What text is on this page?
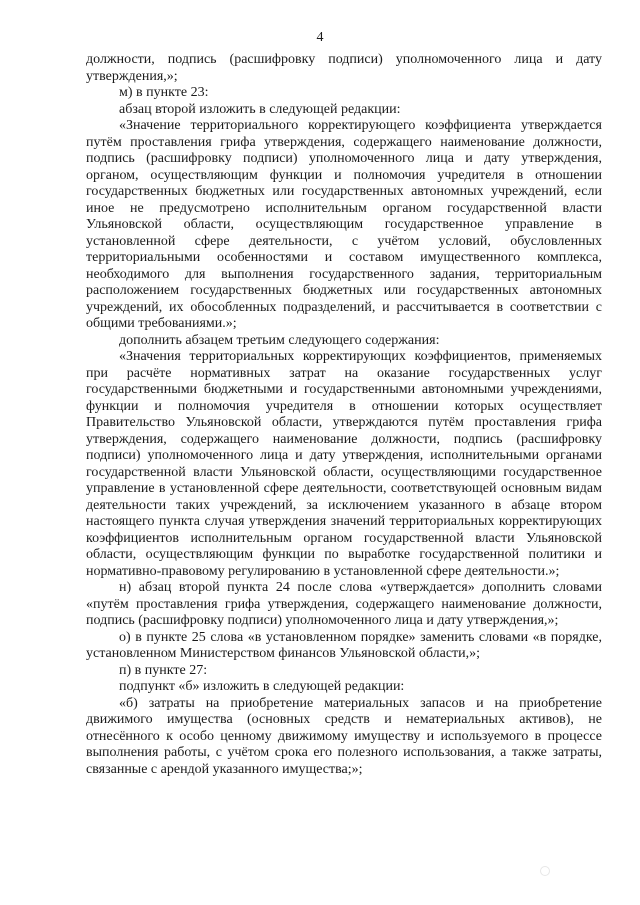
4

должности, подпись (расшифровку подписи) уполномоченного лица и дату утверждения,»;

м) в пункте 23:

абзац второй изложить в следующей редакции:

«Значение территориального корректирующего коэффициента утверждается путём проставления грифа утверждения, содержащего наименование должности, подпись (расшифровку подписи) уполномоченного лица и дату утверждения, органом, осуществляющим функции и полномочия учредителя в отношении государственных бюджетных или государственных автономных учреждений, если иное не предусмотрено исполнительным органом государственной власти Ульяновской области, осуществляющим государственное управление в установленной сфере деятельности, с учётом условий, обусловленных территориальными особенностями и составом имущественного комплекса, необходимого для выполнения государственного задания, территориальным расположением государственных бюджетных или государственных автономных учреждений, их обособленных подразделений, и рассчитывается в соответствии с общими требованиями.»;

дополнить абзацем третьим следующего содержания:

«Значения территориальных корректирующих коэффициентов, применяемых при расчёте нормативных затрат на оказание государственных услуг государственными бюджетными и государственными автономными учреждениями, функции и полномочия учредителя в отношении которых осуществляет Правительство Ульяновской области, утверждаются путём проставления грифа утверждения, содержащего наименование должности, подпись (расшифровку подписи) уполномоченного лица и дату утверждения, исполнительными органами государственной власти Ульяновской области, осуществляющими государственное управление в установленной сфере деятельности, соответствующей основным видам деятельности таких учреждений, за исключением указанного в абзаце втором настоящего пункта случая утверждения значений территориальных корректирующих коэффициентов исполнительным органом государственной власти Ульяновской области, осуществляющим функции по выработке государственной политики и нормативно-правовому регулированию в установленной сфере деятельности.»;

н) абзац второй пункта 24 после слова «утверждается» дополнить словами «путём проставления грифа утверждения, содержащего наименование должности, подпись (расшифровку подписи) уполномоченного лица и дату утверждения,»;

о) в пункте 25 слова «в установленном порядке» заменить словами «в порядке, установленном Министерством финансов Ульяновской области,»;

п) в пункте 27:

подпункт «б» изложить в следующей редакции:

«б) затраты на приобретение материальных запасов и на приобретение движимого имущества (основных средств и нематериальных активов), не отнесённого к особо ценному движимому имуществу и используемого в процессе выполнения работы, с учётом срока его полезного использования, а также затраты, связанные с арендой указанного имущества;»;
